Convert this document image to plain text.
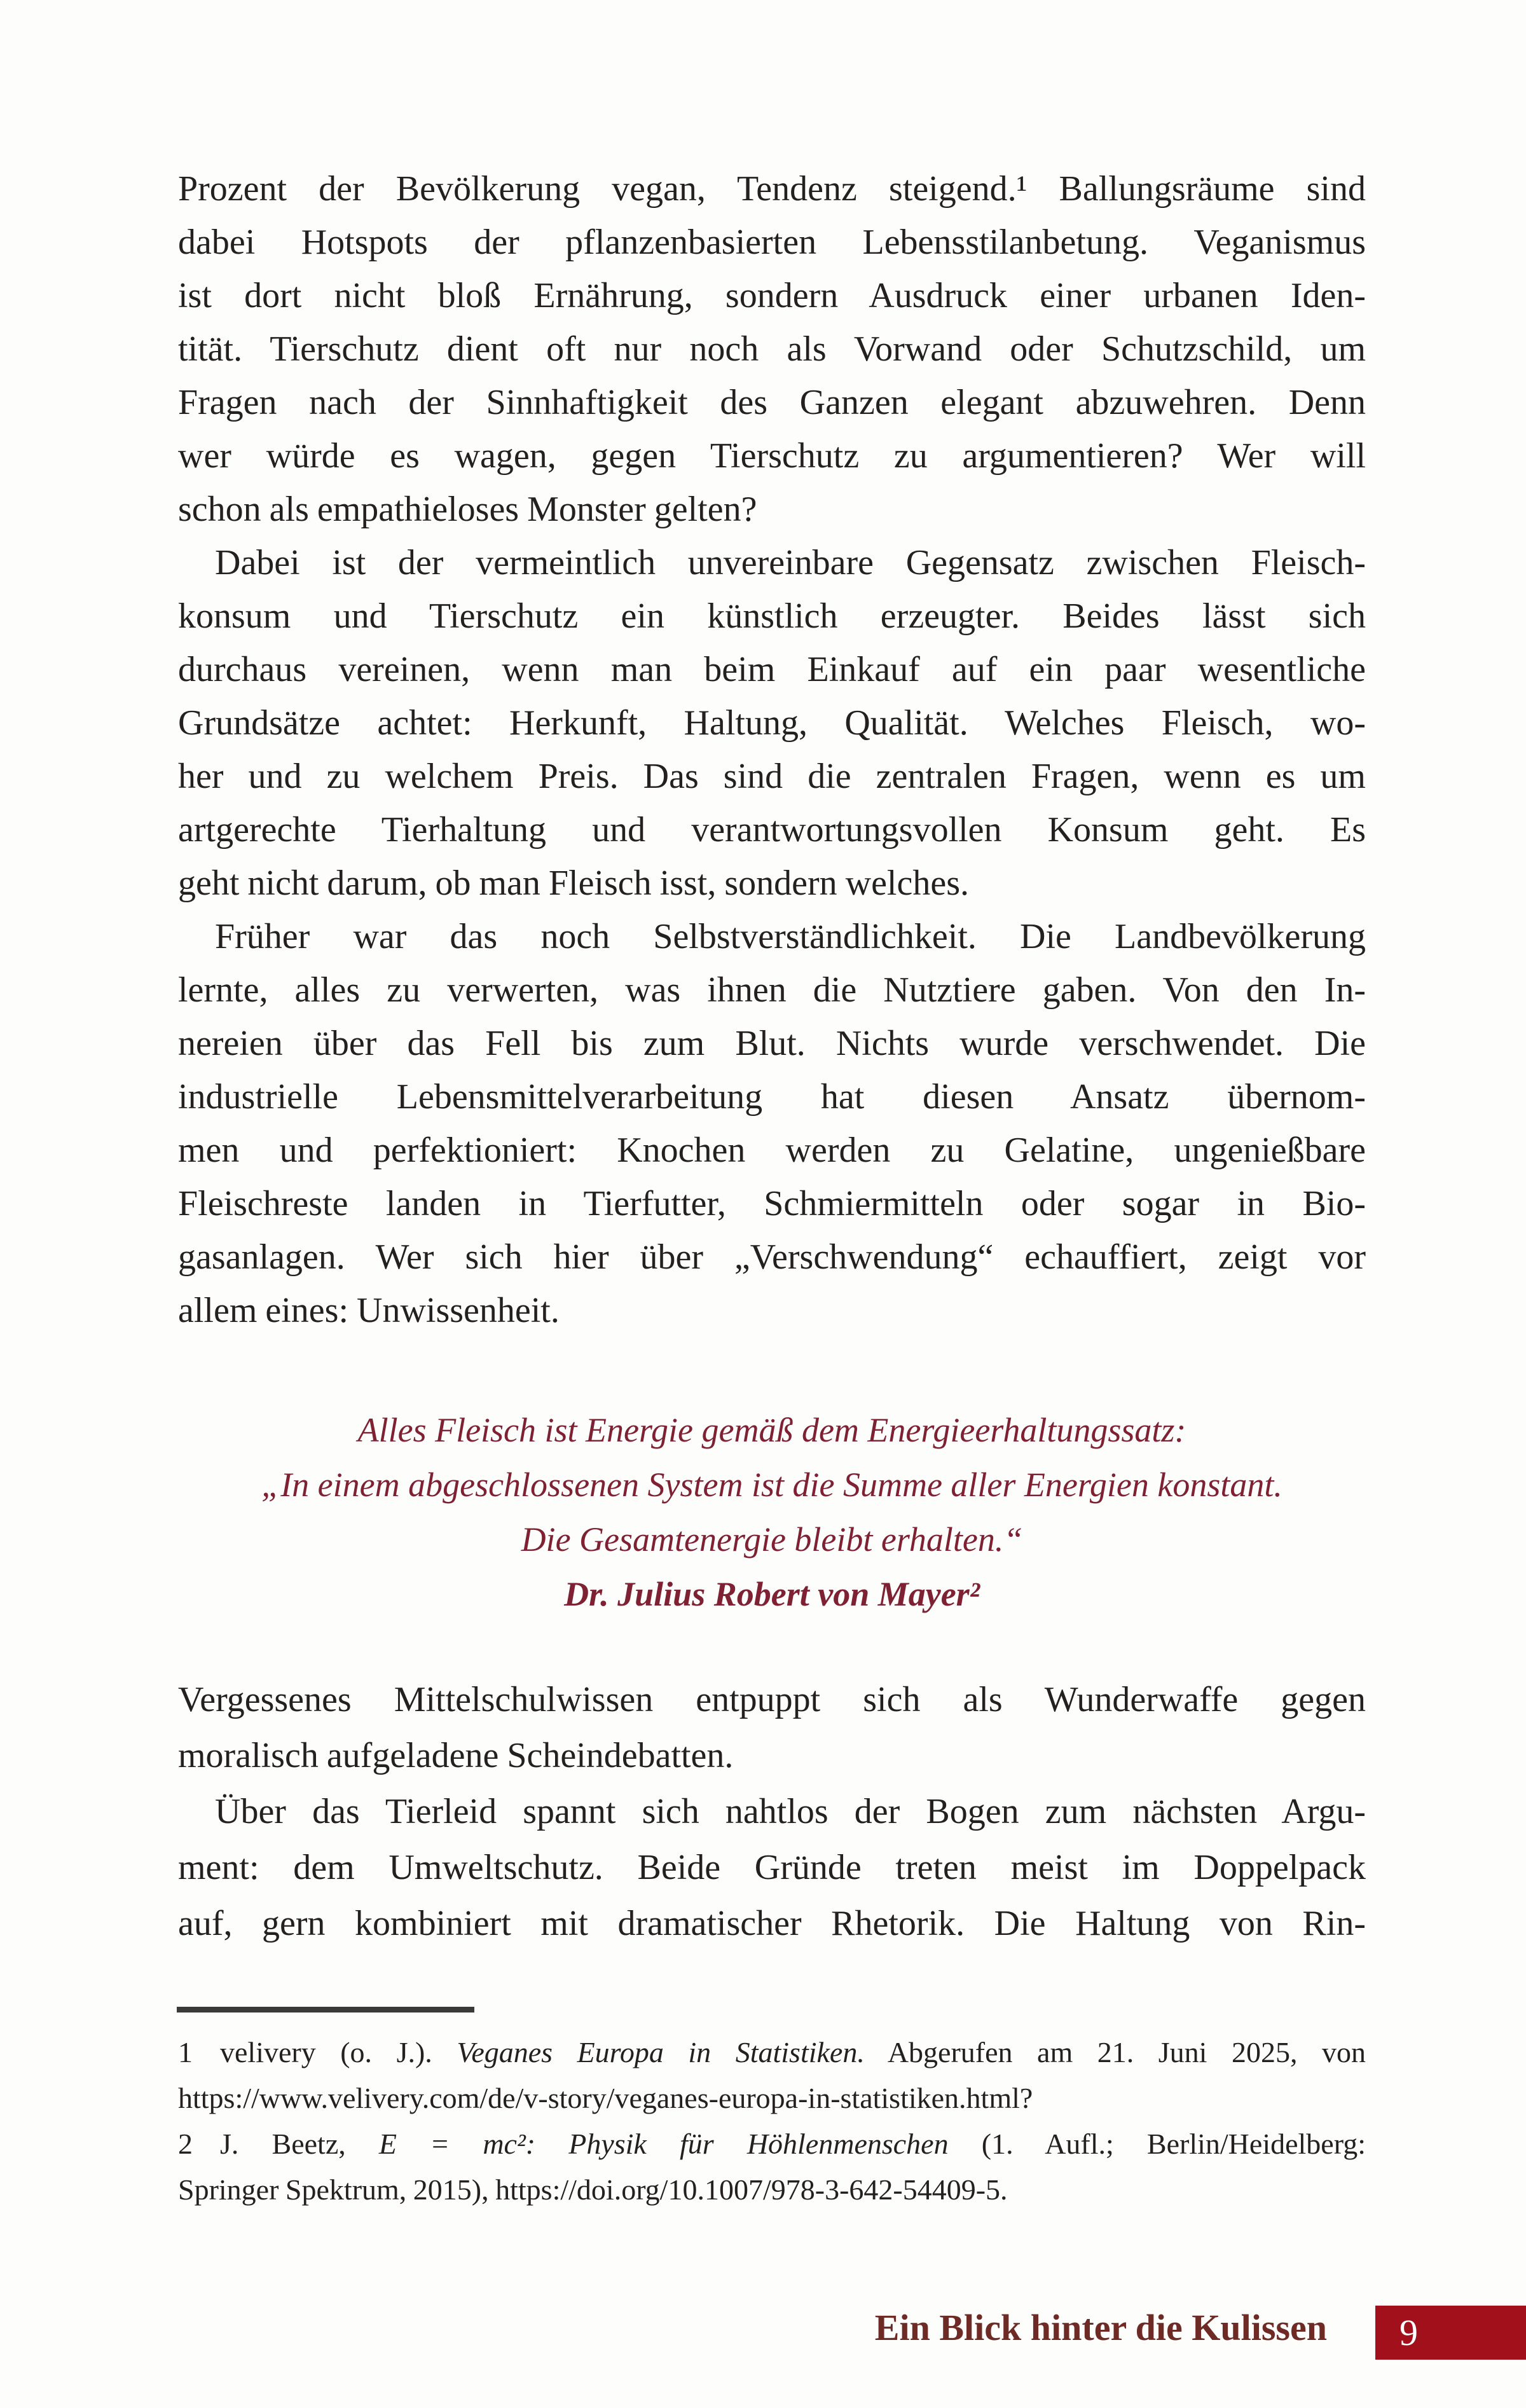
Prozent der Bevölkerung vegan, Tendenz steigend.¹ Ballungsräume sind
dabei Hotspots der pflanzenbasierten Lebensstilanbetung. Veganismus
ist dort nicht bloß Ernährung, sondern Ausdruck einer urbanen Iden-
tität. Tierschutz dient oft nur noch als Vorwand oder Schutzschild, um
Fragen nach der Sinnhaftigkeit des Ganzen elegant abzuwehren. Denn
wer würde es wagen, gegen Tierschutz zu argumentieren? Wer will
schon als empathieloses Monster gelten?
Dabei ist der vermeintlich unvereinbare Gegensatz zwischen Fleisch-
konsum und Tierschutz ein künstlich erzeugter. Beides lässt sich
durchaus vereinen, wenn man beim Einkauf auf ein paar wesentliche
Grundsätze achtet: Herkunft, Haltung, Qualität. Welches Fleisch, wo-
her und zu welchem Preis. Das sind die zentralen Fragen, wenn es um
artgerechte Tierhaltung und verantwortungsvollen Konsum geht. Es
geht nicht darum, ob man Fleisch isst, sondern welches.
Früher war das noch Selbstverständlichkeit. Die Landbevölkerung
lernte, alles zu verwerten, was ihnen die Nutztiere gaben. Von den In-
nereien über das Fell bis zum Blut. Nichts wurde verschwendet. Die
industrielle Lebensmittelverarbeitung hat diesen Ansatz übernom-
men und perfektioniert: Knochen werden zu Gelatine, ungenießbare
Fleischreste landen in Tierfutter, Schmiermitteln oder sogar in Bio-
gasanlagen. Wer sich hier über „Verschwendung“ echauffiert, zeigt vor
allem eines: Unwissenheit.
Alles Fleisch ist Energie gemäß dem Energieerhaltungssatz:
„In einem abgeschlossenen System ist die Summe aller Energien konstant.
Die Gesamtenergie bleibt erhalten.“
Dr. Julius Robert von Mayer²
Vergessenes Mittelschulwissen entpuppt sich als Wunderwaffe gegen
moralisch aufgeladene Scheindebatten.
Über das Tierleid spannt sich nahtlos der Bogen zum nächsten Argu-
ment: dem Umweltschutz. Beide Gründe treten meist im Doppelpack
auf, gern kombiniert mit dramatischer Rhetorik. Die Haltung von Rin-
1 velivery (o. J.). Veganes Europa in Statistiken. Abgerufen am 21. Juni 2025, von
https://www.velivery.com/de/v-story/veganes-europa-in-statistiken.html?
2 J. Beetz, E = mc²: Physik für Höhlenmenschen (1. Aufl.; Berlin/Heidelberg:
Springer Spektrum, 2015), https://doi.org/10.1007/978-3-642-54409-5.
Ein Blick hinter die Kulissen	9
